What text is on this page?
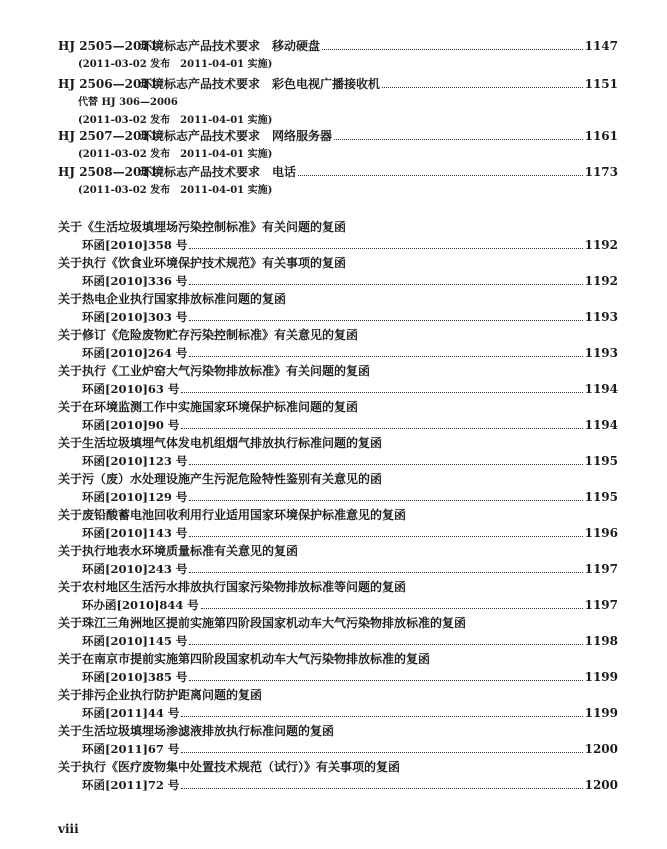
HJ 2505—2011
环境标志产品技术要求 移动硬盘	1147
(2011-03-02 发布　2011-04-01 实施)
HJ 2506—2011
环境标志产品技术要求 彩色电视广播接收机	1151
代替 HJ 306—2006
(2011-03-02 发布　2011-04-01 实施)
HJ 2507—2011
环境标志产品技术要求 网络服务器	1161
(2011-03-02 发布　2011-04-01 实施)
HJ 2508—2011
环境标志产品技术要求 电话	1173
(2011-03-02 发布　2011-04-01 实施)
关于《生活垃圾填埋场污染控制标准》有关问题的复函
环函[2010]358 号	1192
关于执行《饮食业环境保护技术规范》有关事项的复函
环函[2010]336 号	1192
关于热电企业执行国家排放标准问题的复函
环函[2010]303 号	1193
关于修订《危险废物贮存污染控制标准》有关意见的复函
环函[2010]264 号	1193
关于执行《工业炉窑大气污染物排放标准》有关问题的复函
环函[2010]63 号	1194
关于在环境监测工作中实施国家环境保护标准问题的复函
环函[2010]90 号	1194
关于生活垃圾填埋气体发电机组烟气排放执行标准问题的复函
环函[2010]123 号	1195
关于污（废）水处理设施产生污泥危险特性鉴别有关意见的函
环函[2010]129 号	1195
关于废铅酸蓄电池回收利用行业适用国家环境保护标准意见的复函
环函[2010]143 号	1196
关于执行地表水环境质量标准有关意见的复函
环函[2010]243 号	1197
关于农村地区生活污水排放执行国家污染物排放标准等问题的复函
环办函[2010]844 号	1197
关于珠江三角洲地区提前实施第四阶段国家机动车大气污染物排放标准的复函
环函[2010]145 号	1198
关于在南京市提前实施第四阶段国家机动车大气污染物排放标准的复函
环函[2010]385 号	1199
关于排污企业执行防护距离问题的复函
环函[2011]44 号	1199
关于生活垃圾填埋场渗滤液排放执行标准问题的复函
环函[2011]67 号	1200
关于执行《医疗废物集中处置技术规范（试行）》有关事项的复函
环函[2011]72 号	1200
viii
